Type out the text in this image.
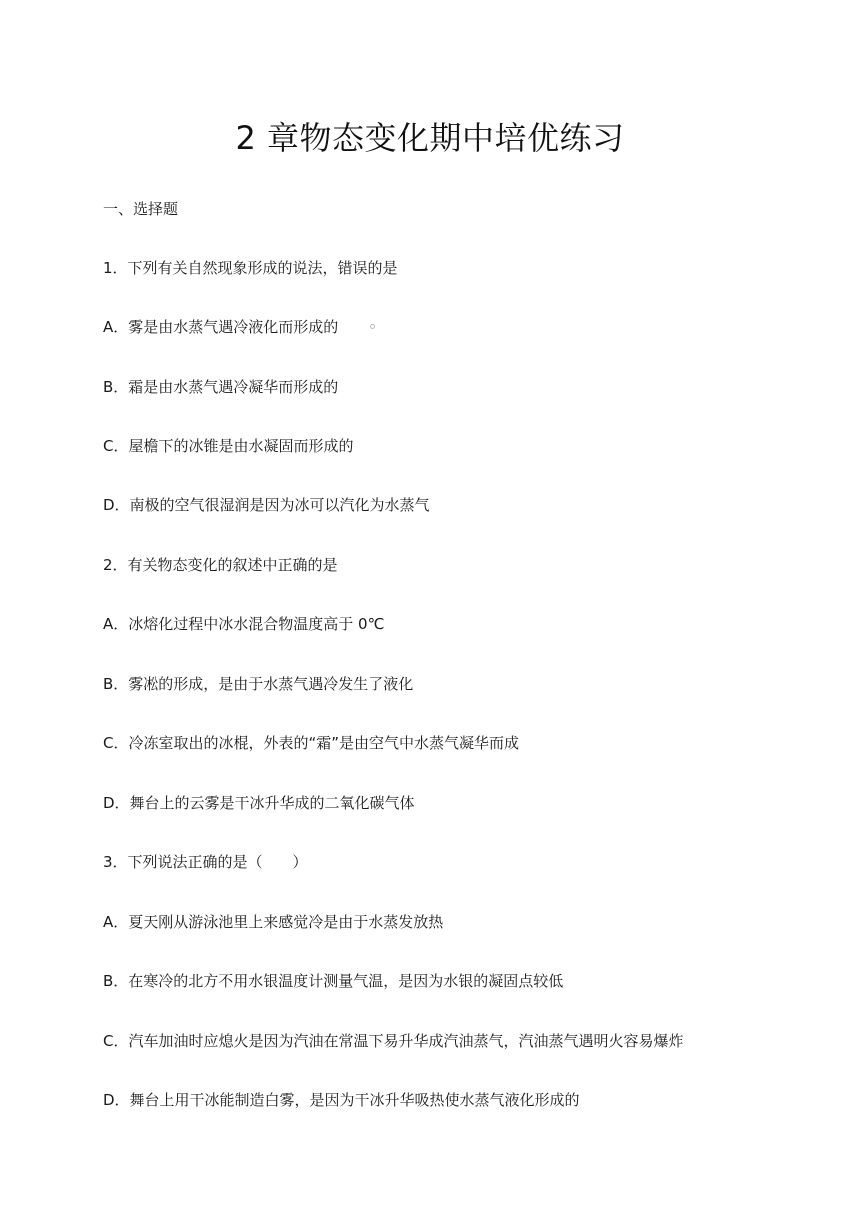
2 章物态变化期中培优练习
一、选择题
1．下列有关自然现象形成的说法，错误的是
A．雾是由水蒸气遇冷液化而形成的
B．霜是由水蒸气遇冷凝华而形成的
C．屋檐下的冰锥是由水凝固而形成的
D．南极的空气很湿润是因为冰可以汽化为水蒸气
2．有关物态变化的叙述中正确的是
A．冰熔化过程中冰水混合物温度高于 0℃
B．雾凇的形成，是由于水蒸气遇冷发生了液化
C．冷冻室取出的冰棍，外表的“霜”是由空气中水蒸气凝华而成
D．舞台上的云雾是干冰升华成的二氧化碳气体
3．下列说法正确的是（　　）
A．夏天刚从游泳池里上来感觉冷是由于水蒸发放热
B．在寒冷的北方不用水银温度计测量气温，是因为水银的凝固点较低
C．汽车加油时应熄火是因为汽油在常温下易升华成汽油蒸气，汽油蒸气遇明火容易爆炸
D．舞台上用干冰能制造白雾，是因为干冰升华吸热使水蒸气液化形成的
